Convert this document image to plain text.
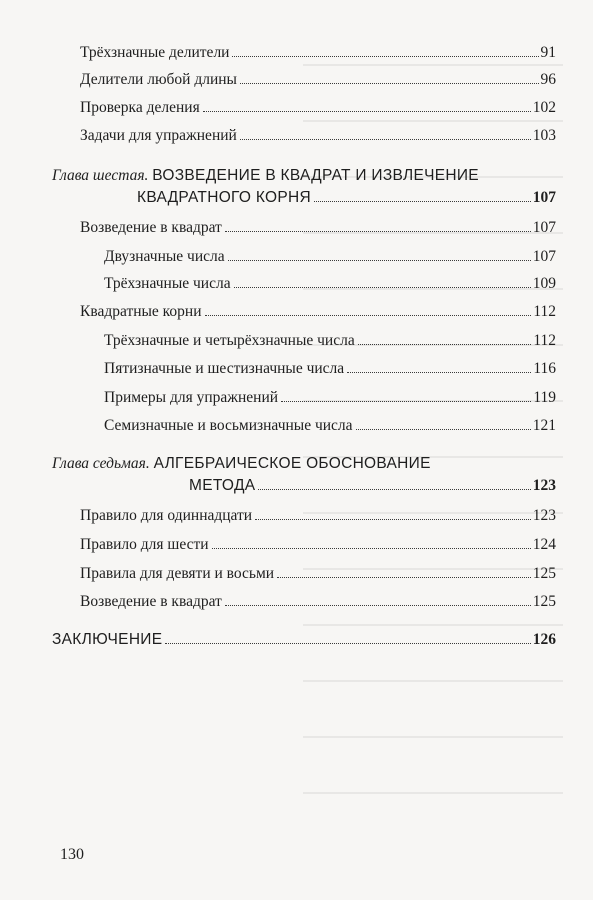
Трёхзначные делители	91
Делители любой длины	96
Проверка деления	102
Задачи для упражнений	103
Глава шестая. ВОЗВЕДЕНИЕ В КВАДРАТ И ИЗВЛЕЧЕНИЕ
КВАДРАТНОГО КОРНЯ	107
Возведение в квадрат	107
Двузначные числа	107
Трёхзначные числа	109
Квадратные корни	112
Трёхзначные и четырёхзначные числа	112
Пятизначные и шестизначные числа	116
Примеры для упражнений	119
Семизначные и восьмизначные числа	121
Глава седьмая. АЛГЕБРАИЧЕСКОЕ ОБОСНОВАНИЕ
МЕТОДА	123
Правило для одиннадцати	123
Правило для шести	124
Правила для девяти и восьми	125
Возведение в квадрат	125
ЗАКЛЮЧЕНИЕ	126
130
